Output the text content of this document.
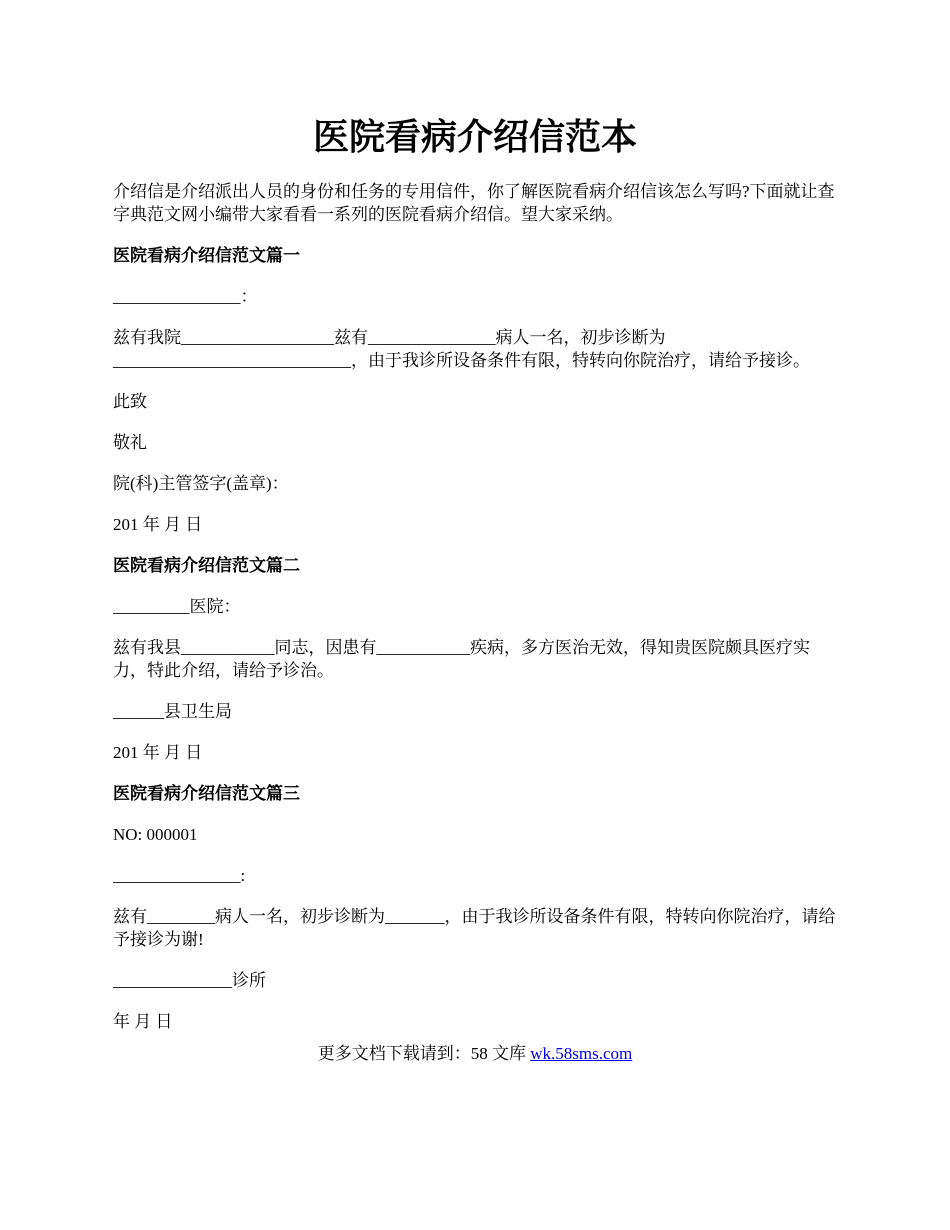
医院看病介绍信范本

介绍信是介绍派出人员的身份和任务的专用信件，你了解医院看病介绍信该怎么写吗?下面就让查字典范文网小编带大家看看一系列的医院看病介绍信。望大家采纳。

医院看病介绍信范文篇一

_______________：

兹有我院__________________兹有_______________病人一名，初步诊断为____________________________，由于我诊所设备条件有限，特转向你院治疗，请给予接诊。

此致

敬礼

院(科)主管签字(盖章)：

201 年 月 日

医院看病介绍信范文篇二

_________医院：

兹有我县___________同志，因患有___________疾病，多方医治无效，得知贵医院颇具医疗实力，特此介绍，请给予诊治。

______县卫生局

201 年 月 日

医院看病介绍信范文篇三

NO: 000001

_______________:

兹有________病人一名，初步诊断为_______，由于我诊所设备条件有限，特转向你院治疗，请给予接诊为谢!

______________诊所

年 月 日

更多文档下载请到：58 文库 wk.58sms.com
